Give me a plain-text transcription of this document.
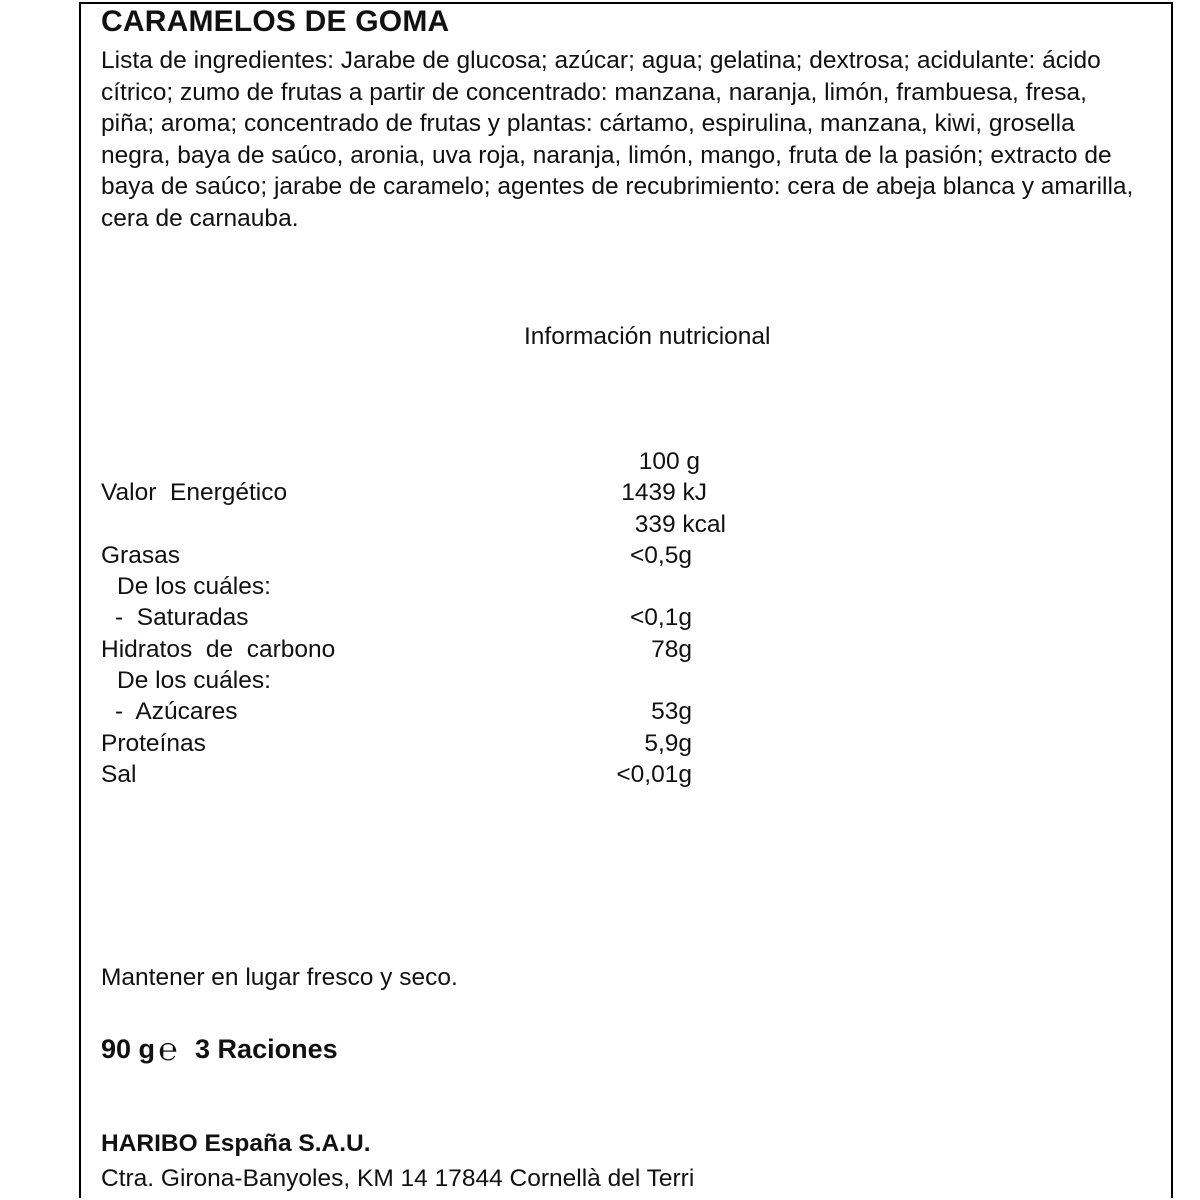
CARAMELOS DE GOMA

Lista de ingredientes: Jarabe de glucosa; azúcar; agua; gelatina; dextrosa; acidulante: ácido cítrico; zumo de frutas a partir de concentrado: manzana, naranja, limón, frambuesa, fresa, piña; aroma; concentrado de frutas y plantas: cártamo, espirulina, manzana, kiwi, grosella negra, baya de saúco, aronia, uva roja, naranja, limón, mango, fruta de la pasión; extracto de baya de saúco; jarabe de caramelo; agentes de recubrimiento: cera de abeja blanca y amarilla, cera de carnauba.

Información nutricional
100 g
Valor  Energético	1439 kJ
339 kcal
Grasas	<0,5g
De los cuáles:
-  Saturadas	<0,1g
Hidratos  de  carbono	78g
De los cuáles:
-  Azúcares	53g
Proteínas	5,9g
Sal	<0,01g
Mantener en lugar fresco y seco.
90 g ℮ 3 Raciones
HARIBO España S.A.U.
Ctra. Girona-Banyoles, KM 14 17844 Cornellà del Terri
